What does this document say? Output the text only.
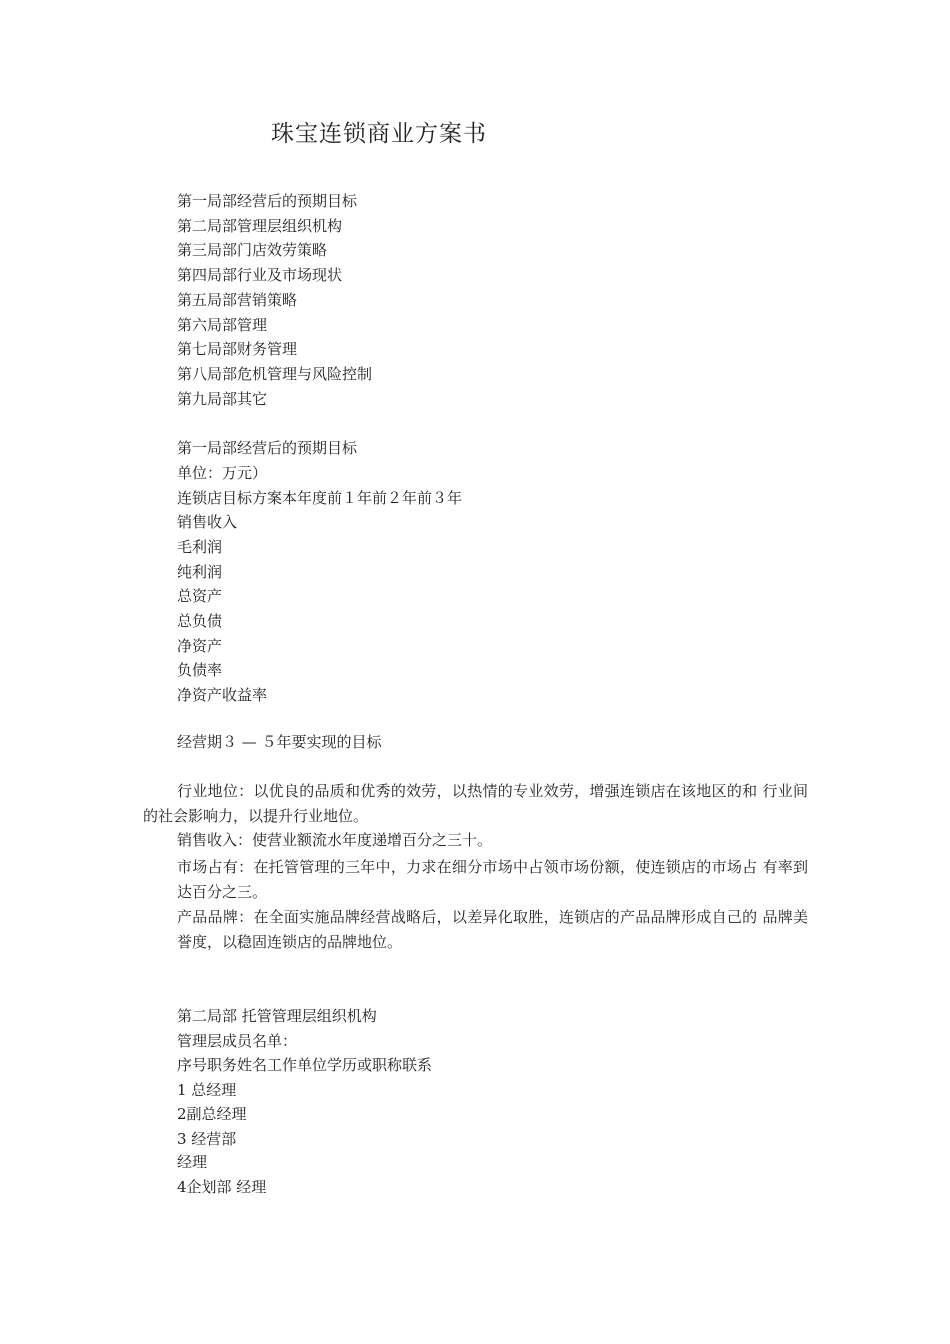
珠宝连锁商业方案书
第一局部经营后的预期目标
第二局部管理层组织机构
第三局部门店效劳策略
第四局部行业及市场现状
第五局部营销策略
第六局部管理
第七局部财务管理
第八局部危机管理与风险控制
第九局部其它
第一局部经营后的预期目标
单位：万元）
连锁店目标方案本年度前１年前２年前３年
销售收入
毛利润
纯利润
总资产
总负债
净资产
负债率
净资产收益率
经营期３ — ５年要实现的目标
行业地位：以优良的品质和优秀的效劳，以热情的专业效劳，增强连锁店在该地区的和 行业间的社会影响力，以提升行业地位。
销售收入：使营业额流水年度递增百分之三十。
市场占有：在托管管理的三年中，力求在细分市场中占领市场份额，使连锁店的市场占 有率到达百分之三。
产品品牌：在全面实施品牌经营战略后，以差异化取胜，连锁店的产品品牌形成自己的 品牌美誉度，以稳固连锁店的品牌地位。
第二局部 托管管理层组织机构
管理层成员名单：
序号职务姓名工作单位学历或职称联系
1 总经理
2副总经理
3 经营部
经理
4企划部 经理
